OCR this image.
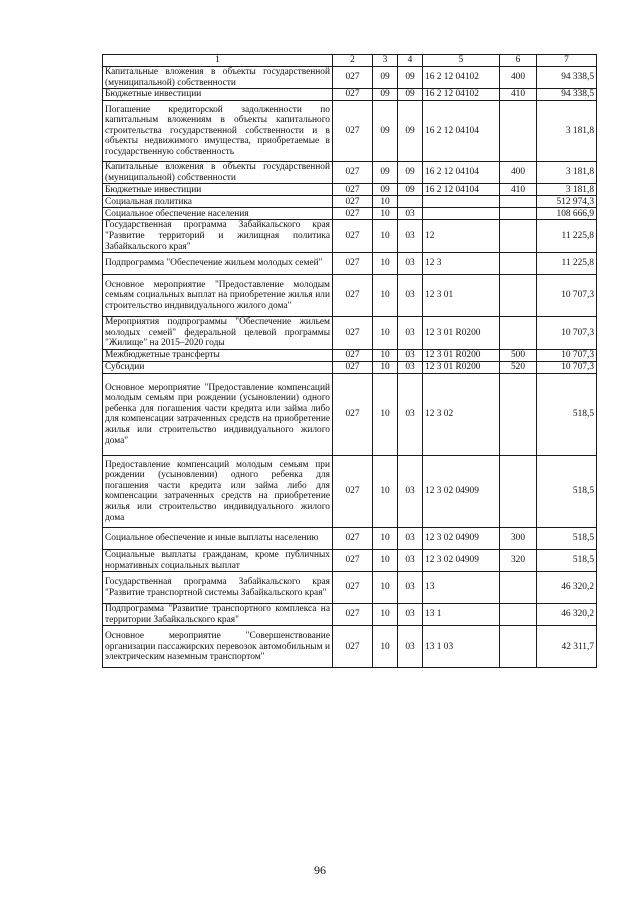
1	2	3	4	5	6	7
Капитальные вложения в объекты государственной (муниципальной) собственности	027	09	09	16 2 12 04102	400	94 338,5
Бюджетные инвестиции	027	09	09	16 2 12 04102	410	94 338,5
Погашение кредиторской задолженности по капитальным вложениям в объекты капитального строительства государственной собственности и в объекты недвижимого имущества, приобретаемые в государственную собственность	027	09	09	16 2 12 04104		3 181,8
Капитальные вложения в объекты государственной (муниципальной) собственности	027	09	09	16 2 12 04104	400	3 181,8
Бюджетные инвестиции	027	09	09	16 2 12 04104	410	3 181,8
Социальная политика	027	10				512 974,3
Социальное обеспечение населения	027	10	03			108 666,9
Государственная программа Забайкальского края "Развитие территорий и жилищная политика Забайкальского края"	027	10	03	12		11 225,8
Подпрограмма "Обеспечение жильем молодых семей"	027	10	03	12 3		11 225,8
Основное мероприятие "Предоставление молодым семьям социальных выплат на приобретение жилья или строительство индивидуального жилого дома"	027	10	03	12 3 01		10 707,3
Мероприятия подпрограммы "Обеспечение жильем молодых семей" федеральной целевой программы "Жилище" на 2015–2020 годы	027	10	03	12 3 01 R0200		10 707,3
Межбюджетные трансферты	027	10	03	12 3 01 R0200	500	10 707,3
Субсидии	027	10	03	12 3 01 R0200	520	10 707,3
Основное мероприятие "Предоставление компенсаций молодым семьям при рождении (усыновлении) одного ребенка для погашения части кредита или займа либо для компенсации затраченных средств на приобретение жилья или строительство индивидуального жилого дома"	027	10	03	12 3 02		518,5
Предоставление компенсаций молодым семьям при рождении (усыновлении) одного ребенка для погашения части кредита или займа либо для компенсации затраченных средств на приобретение жилья или строительство индивидуального жилого дома	027	10	03	12 3 02 04909		518,5
Социальное обеспечение и иные выплаты населению	027	10	03	12 3 02 04909	300	518,5
Социальные выплаты гражданам, кроме публичных нормативных социальных выплат	027	10	03	12 3 02 04909	320	518,5
Государственная программа Забайкальского края "Развитие транспортной системы Забайкальского края"	027	10	03	13		46 320,2
Подпрограмма "Развитие транспортного комплекса на территории Забайкальского края"	027	10	03	13 1		46 320,2
Основное мероприятие "Совершенствование организации пассажирских перевозок автомобильным и электрическим наземным транспортом"	027	10	03	13 1 03		42 311,7
96
